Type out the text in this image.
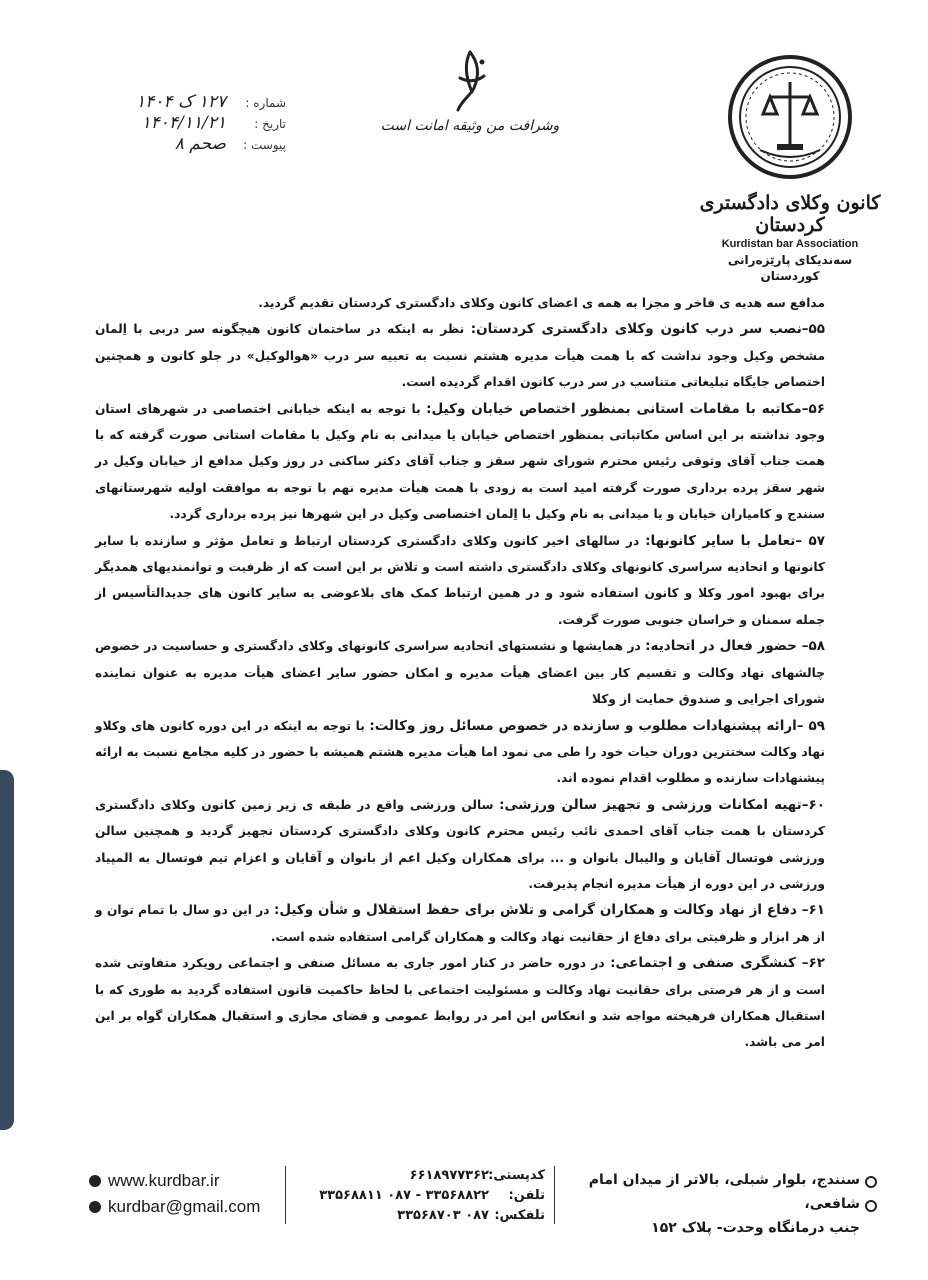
کانون وکلای دادگستری کردستان
Kurdistan bar Association
سەندیکای پارێزەرانی
کوردستان
وشرافت من وثیقه امانت است
شماره :
۱۲۷ ک ۱۴۰۴
تاریخ :
۱۴۰۴/۱۱/۲۱
پیوست :
صحم ۸

مدافع سه هدیه ی فاخر و مجزا به همه ی اعضای کانون وکلای دادگستری کردستان تقدیم گردید.

۵۵–نصب سر درب کانون وکلای دادگستری کردستان: نظر به اینکه در ساختمان کانون هیچگونه سر دربی با اِلمان مشخص وکیل وجود نداشت که با همت هیأت مدیره هشتم نسبت به تعبیه سر درب «هوالوکیل» در جلو کانون و همچنین اختصاص جایگاه تبلیغاتی متناسب در سر درب کانون اقدام گردیده است.

۵۶–مکاتبه با مقامات استانی بمنظور اختصاص خیابان وکیل: با توجه به اینکه خیابانی اختصاصی در شهرهای استان وجود نداشته بر این اساس مکاتباتی بمنظور اختصاص خیابان یا میدانی به نام وکیل با مقامات استانی صورت گرفته که با همت جناب آقای وثوقی رئیس محترم شورای شهر سقز و جناب آقای دکتر ساکنی در روز وکیل مدافع از خیابان وکیل در شهر سقز پرده برداری صورت گرفته امید است به زودی با همت هیأت مدیره نهم با توجه به موافقت اولیه شهرستانهای سنندج و کامیاران خیابان و یا میدانی به نام وکیل با اِلمان اختصاصی وکیل در این شهرها نیز پرده برداری گردد.

۵۷ –تعامل با سایر کانونها: در سالهای اخیر کانون وکلای دادگستری کردستان ارتباط و تعامل مؤثر و سازنده با سایر کانونها و اتحادیه سراسری کانونهای وکلای دادگستری داشته است و تلاش بر این است که از ظرفیت و توانمندیهای همدیگر برای بهبود امور وکلا و کانون استفاده شود و در همین ارتباط کمک های بلاعوضی به سایر کانون های جدیدالتأسیس از جمله سمنان و خراسان جنوبی صورت گرفت.

۵۸– حضور فعال در اتحادیه: در همایشها و نشستهای اتحادیه سراسری کانونهای وکلای دادگستری و حساسیت در خصوص چالشهای نهاد وکالت و تقسیم کار بین اعضای هیأت مدیره و امکان حضور سایر اعضای هیأت مدیره به عنوان نماینده شورای اجرایی و صندوق حمایت از وکلا

۵۹ –ارائه پیشنهادات مطلوب و سازنده در خصوص مسائل روز وکالت: با توجه به اینکه در این دوره کانون های وکلاو نهاد وکالت سختترین دوران حیات خود را طی می نمود اما هیأت مدیره هشتم همیشه با حضور در کلیه مجامع نسبت به ارائه پیشنهادات سازنده و مطلوب اقدام نموده اند.

۶۰–تهیه امکانات ورزشی و تجهیز سالن ورزشی: سالن ورزشی واقع در طبقه ی زیر زمین کانون وکلای دادگستری کردستان با همت جناب آقای احمدی نائب رئیس محترم کانون وکلای دادگستری کردستان تجهیز گردید و همچنین سالن ورزشی فوتسال آقایان و والیبال بانوان و ... برای همکاران وکیل اعم از بانوان و آقایان و اعزام تیم فوتسال به المپیاد ورزشی در این دوره از هیأت مدیره انجام پذیرفت.

۶۱– دفاع از نهاد وکالت و همکاران گرامی و تلاش برای حفظ استقلال و شأن وکیل: در این دو سال با تمام توان و از هر ابزار و ظرفیتی برای دفاع از حقانیت نهاد وکالت و همکاران گرامی استفاده شده است.

۶۲– کنشگری صنفی و اجتماعی: در دوره حاضر در کنار امور جاری به مسائل صنفی و اجتماعی رویکرد متفاوتی شده است و از هر فرصتی برای حقانیت نهاد وکالت و مسئولیت اجتماعی با لحاظ حاکمیت قانون استفاده گردید به طوری که با استقبال همکاران فرهیخته مواجه شد و انعکاس این امر در روابط عمومی و فضای مجازی و استقبال همکاران گواه بر این امر می باشد.

سنندج، بلوار شبلی، بالاتر از میدان امام شافعی،
جنب درمانگاه وحدت- پلاک ۱۵۲
کدپستی:
۶۶۱۸۹۷۷۳۶۲
تلفن:
۳۳۵۶۸۸۲۲ - ۰۸۷ ۳۳۵۶۸۸۱۱
تلفکس:
۰۸۷ ۳۳۵۶۸۷۰۳
www.kurdbar.ir
kurdbar@gmail.com
